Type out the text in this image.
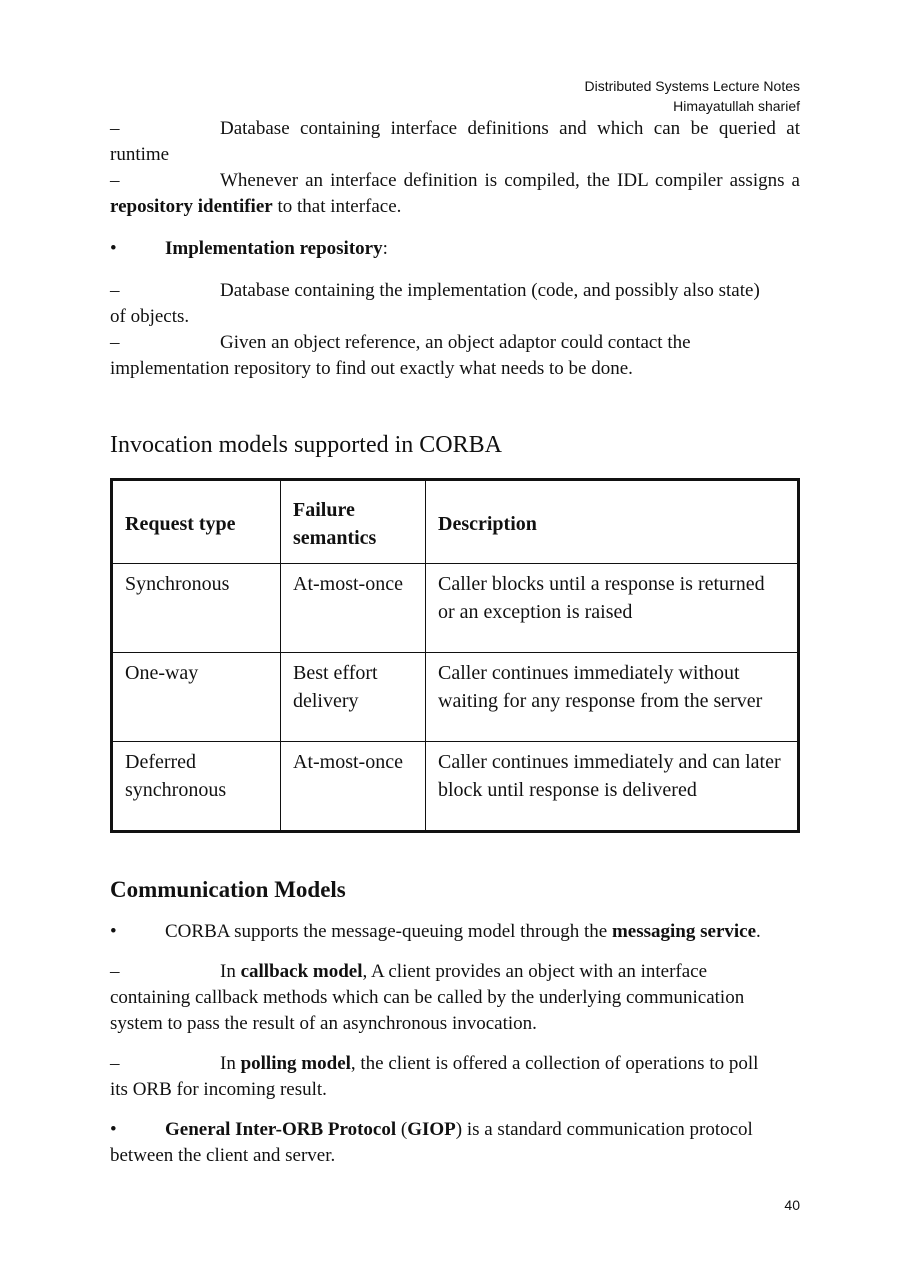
Distributed Systems Lecture Notes
Himayatullah sharief
–	Database containing interface definitions and which can be queried at

runtime

–	Whenever an interface definition is compiled, the IDL compiler assigns a

repository identifier to that interface.

•	Implementation repository:
–	Database containing the implementation (code, and possibly also state)

of objects.

–	Given an object reference, an object adaptor could contact the

implementation repository to find out exactly what needs to be done.

Invocation models supported in CORBA
Request type	Failure semantics	Description
Synchronous	At-most-once	Caller blocks until a response is returned or an exception is raised
One-way	Best effort delivery	Caller continues immediately without waiting for any response from the server
Deferred synchronous	At-most-once	Caller continues immediately and can later block until response is delivered
Communication Models
•	CORBA supports the message-queuing model through the messaging service.
–	In callback model, A client provides an object with an interface

containing callback methods which can be called by the underlying communication system to pass the result of an asynchronous invocation.

–	In polling model, the client is offered a collection of operations to poll

its ORB for incoming result.

•	General Inter-ORB Protocol (GIOP) is a standard communication protocol

between the client and server.

40
